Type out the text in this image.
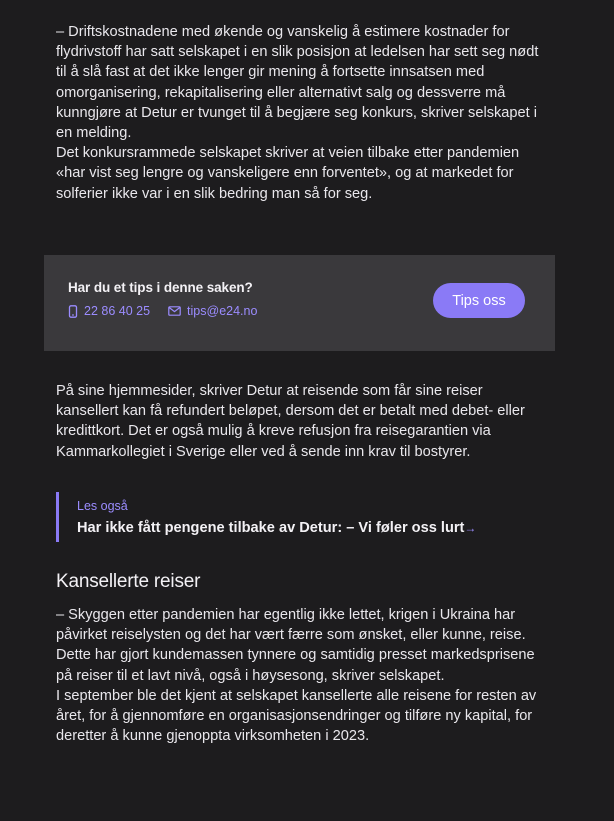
– Driftskostnadene med økende og vanskelig å estimere kostnader for flydrivstoff har satt selskapet i en slik posisjon at ledelsen har sett seg nødt til å slå fast at det ikke lenger gir mening å fortsette innsatsen med omorganisering, rekapitalisering eller alternativt salg og dessverre må kunngjøre at Detur er tvunget til å begjære seg konkurs, skriver selskapet i en melding.

Det konkursrammede selskapet skriver at veien tilbake etter pandemien «har vist seg lengre og vanskeligere enn forventet», og at markedet for solferier ikke var i en slik bedring man så for seg.

Har du et tips i denne saken?
22 86 40 25	tips@e24.no
Tips oss

På sine hjemmesider, skriver Detur at reisende som får sine reiser kansellert kan få refundert beløpet, dersom det er betalt med debet- eller kredittkort. Det er også mulig å kreve refusjon fra reisegarantien via Kammarkollegiet i Sverige eller ved å sende inn krav til bostyrer.

Les også
Har ikke fått pengene tilbake av Detur: – Vi føler oss lurt→
Kansellerte reiser

– Skyggen etter pandemien har egentlig ikke lettet, krigen i Ukraina har påvirket reiselysten og det har vært færre som ønsket, eller kunne, reise. Dette har gjort kundemassen tynnere og samtidig presset markedsprisene på reiser til et lavt nivå, også i høysesong, skriver selskapet.

I september ble det kjent at selskapet kansellerte alle reisene for resten av året, for å gjennomføre en organisasjonsendringer og tilføre ny kapital, for deretter å kunne gjenoppta virksomheten i 2023.
